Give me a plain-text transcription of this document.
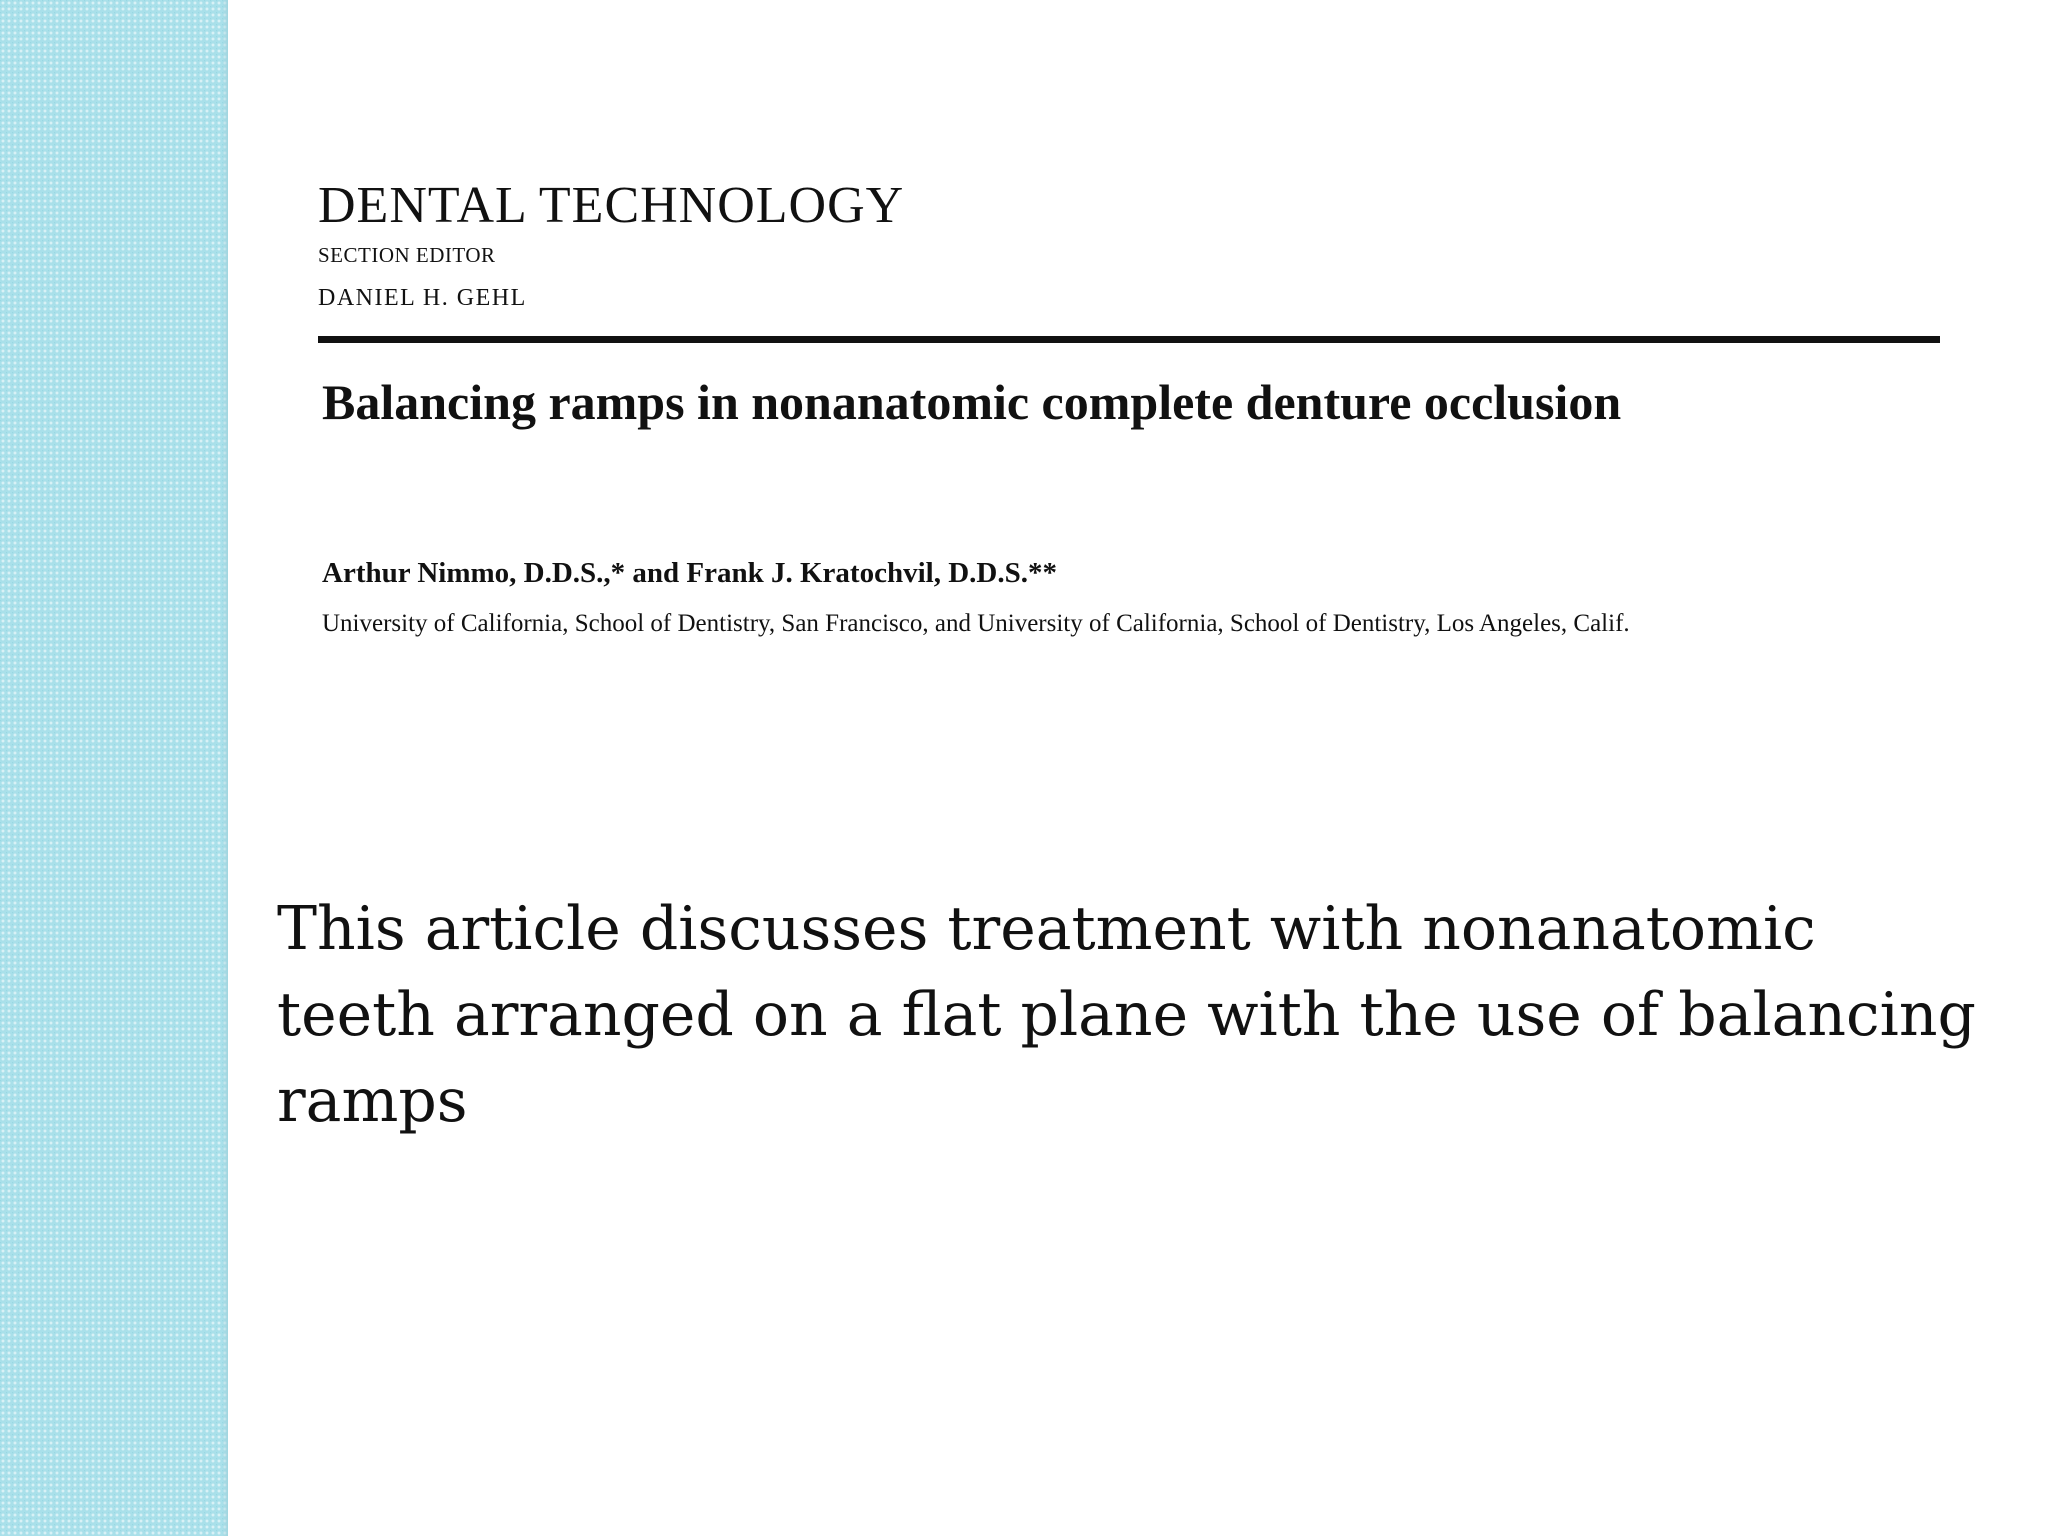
DENTAL TECHNOLOGY
SECTION EDITOR
DANIEL H. GEHL
Balancing ramps in nonanatomic complete denture occlusion
Arthur Nimmo, D.D.S.,* and Frank J. Kratochvil, D.D.S.**
University of California, School of Dentistry, San Francisco, and University of California, School of Dentistry, Los Angeles, Calif.
This article discusses treatment with nonanatomic teeth arranged on a flat plane with the use of balancing ramps
